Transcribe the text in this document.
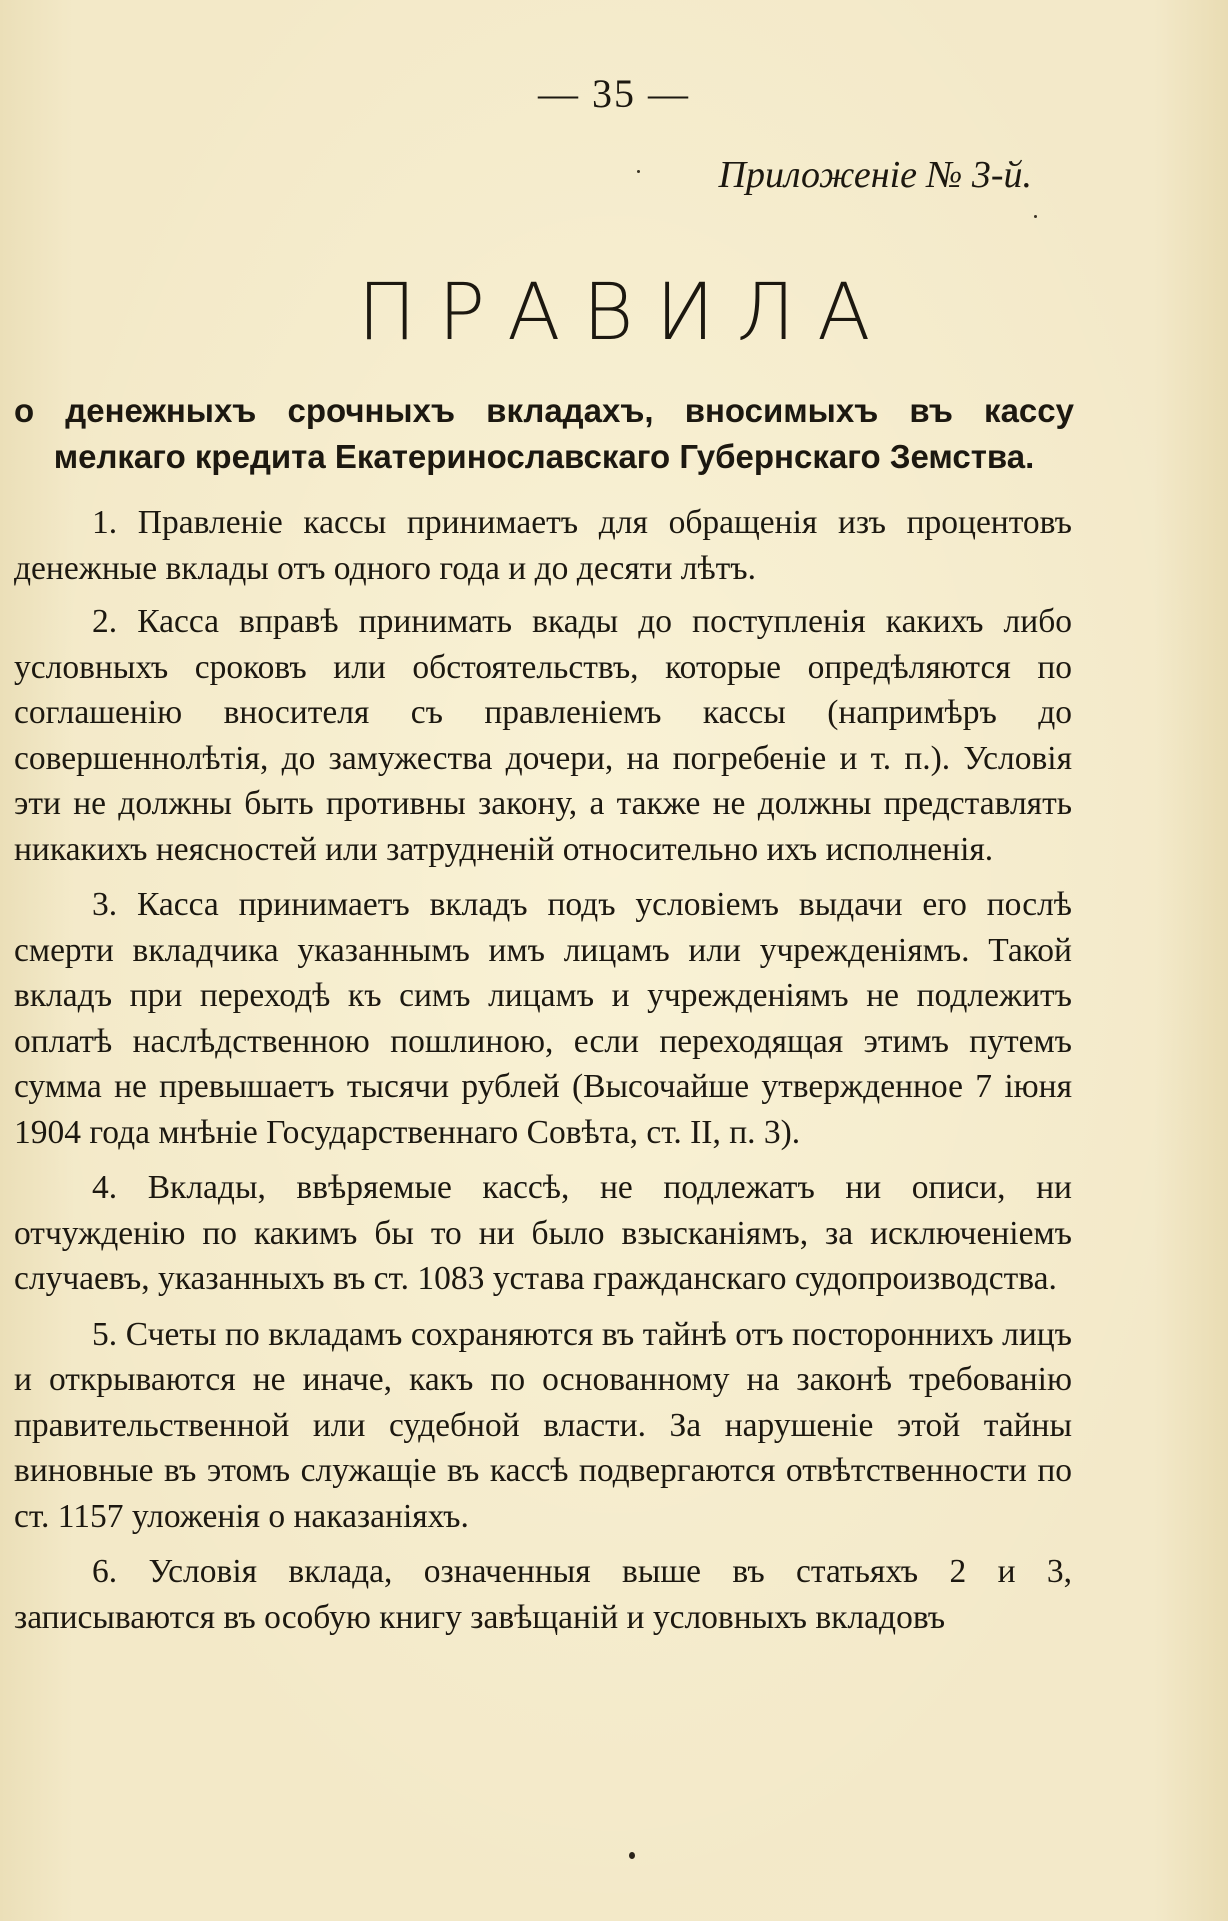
— 35 —
Приложеніе № 3-й.
ПРАВИЛА
о денежныхъ срочныхъ вкладахъ, вносимыхъ въ кассу мелкаго кредита Екатеринославскаго Губернскаго Земства.

1. Правленіе кассы принимаетъ для обращенія изъ процентовъ денежные вклады отъ одного года и до десяти лѣтъ.

2. Касса вправѣ принимать вкады до поступленія какихъ либо условныхъ сроковъ или обстоятельствъ, которые опредѣляются по соглашенію вносителя съ правленіемъ кассы (напримѣръ до совершеннолѣтія, до замужества дочери, на погребеніе и т. п.). Условія эти не должны быть противны закону, а также не должны представлять никакихъ неясностей или затрудненій относительно ихъ исполненія.

3. Касса принимаетъ вкладъ подъ условіемъ выдачи его послѣ смерти вкладчика указаннымъ имъ лицамъ или учрежденіямъ. Такой вкладъ при переходѣ къ симъ лицамъ и учрежденіямъ не подлежитъ оплатѣ наслѣдственною пошлиною, если переходящая этимъ путемъ сумма не превышаетъ тысячи рублей (Высочайше утвержденное 7 іюня 1904 года мнѣніе Государственнаго Совѣта, ст. II, п. 3).

4. Вклады, ввѣряемые кассѣ, не подлежатъ ни описи, ни отчужденію по какимъ бы то ни было взысканіямъ, за исключеніемъ случаевъ, указанныхъ въ ст. 1083 устава гражданскаго судопроизводства.

5. Счеты по вкладамъ сохраняются въ тайнѣ отъ постороннихъ лицъ и открываются не иначе, какъ по основанному на законѣ требованію правительственной или судебной власти. За нарушеніе этой тайны виновные въ этомъ служащіе въ кассѣ подвергаются отвѣтственности по ст. 1157 уложенія о наказаніяхъ.

6. Условія вклада, означенныя выше въ статьяхъ 2 и 3, записываются въ особую книгу завѣщаній и условныхъ вкладовъ
